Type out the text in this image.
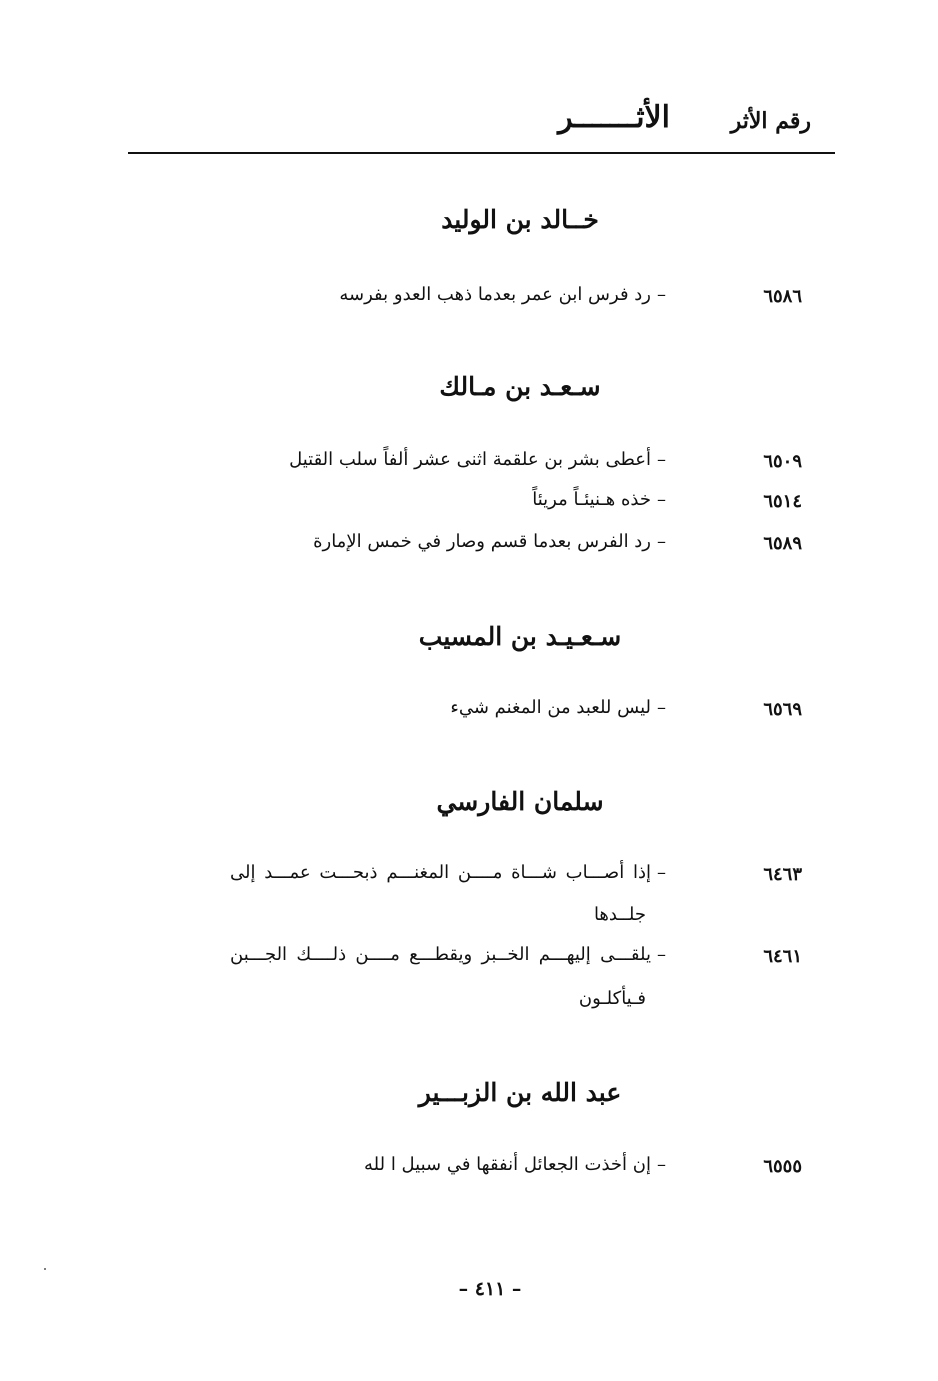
رقم الأثر
الأثـــــــر
خــالد بن الوليد
٦٥٨٦
–رد فرس ابن عمر بعدما ذهب العدو بفرسه
سـعـد بن مـالك
٦٥٠٩
–أعطى بشر بن علقمة اثنى عشر ألفاً سلب القتيل
٦٥١٤
–خذه هـنيئـاً مريئاً
٦٥٨٩
–رد الفرس بعدما قسم وصار في خمس الإمارة
سـعـيـد بن المسيب
٦٥٦٩
–ليس للعبد من المغنم شيء
سلمان الفارسي
٦٤٦٣
–إذا أصـــاب شـــاة مــــن المغنـــم ذبحـــت عمـــد إلى
جلــدها
٦٤٦١
–يلقـــى إليهـــم الخــبز ويقطـــع مــــن ذلــــك الجـــبن
فـيأكلـون
عبد الله بن الزبـــير
٦٥٥٥
–إن أخذت الجعائل أنفقها في سبيل ا لله
– ٤١١ –
